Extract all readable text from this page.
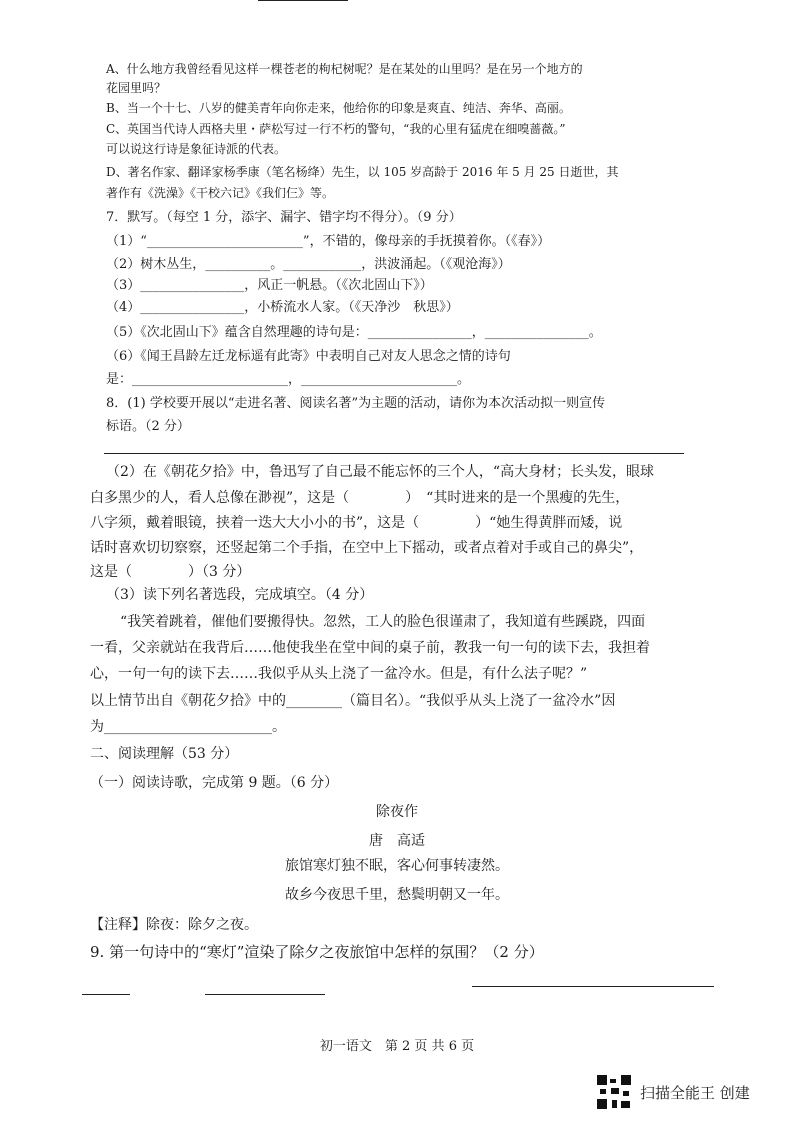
A、什么地方我曾经看见这样一棵苍老的枸杞树呢？是在某处的山里吗？是在另一个地方的
花园里吗？
B、当一个十七、八岁的健美青年向你走来，他给你的印象是爽直、纯洁、奔华、高丽。
C、英国当代诗人西格夫里・萨松写过一行不朽的警句，“我的心里有猛虎在细嗅蔷薇。”
可以说这行诗是象征诗派的代表。
D、著名作家、翻译家杨季康（笔名杨绛）先生，以 105 岁高龄于 2016 年 5 月 25 日逝世，其
著作有《洗澡》《干校六记》《我们仨》等。
7．默写。（每空 1 分，添字、漏字、错字均不得分）。（9 分）
（1）“________________________”，不错的，像母亲的手抚摸着你。（《春》）
（2）树木丛生，__________。____________，洪波涌起。（《观沧海》）
（3）________________，风正一帆悬。（《次北固山下》）
（4）________________，小桥流水人家。（《天净沙　秋思》）
（5）《次北固山下》蕴含自然理趣的诗句是：________________，________________。
（6）《闻王昌龄左迁龙标遥有此寄》中表明自己对友人思念之情的诗句
是：________________________，________________________。
8．(1) 学校要开展以“走进名著、阅读名著”为主题的活动，请你为本次活动拟一则宣传
标语。（2 分）
（2）在《朝花夕拾》中，鲁迅写了自己最不能忘怀的三个人，“高大身材；长头发，眼球
白多黑少的人，看人总像在渺视”，这是（　　　　）　“其时进来的是一个黑瘦的先生，
八字须，戴着眼镜，挟着一迭大大小小的书”，这是（　　　　）“她生得黄胖而矮，说
话时喜欢切切察察，还竖起第二个手指，在空中上下摇动，或者点着对手或自己的鼻尖”，
这是（　　　　）（3 分）
（3）读下列名著选段，完成填空。（4 分）
“我笑着跳着，催他们要搬得快。忽然，工人的脸色很谨肃了，我知道有些蹊跷，四面
一看，父亲就站在我背后……他使我坐在堂中间的桌子前，教我一句一句的读下去，我担着
心，一句一句的读下去……我似乎从头上浇了一盆冷水。但是，有什么法子呢？”
以上情节出自《朝花夕拾》中的________（篇目名）。“我似乎从头上浇了一盆冷水”因
为________________________。
二、阅读理解（53 分）
（一）阅读诗歌，完成第 9 题。（6 分）
除夜作
唐　高适
旅馆寒灯独不眠，客心何事转凄然。
故乡今夜思千里，愁鬓明朝又一年。
【注释】除夜：除夕之夜。
9. 第一句诗中的“寒灯”渲染了除夕之夜旅馆中怎样的氛围？（2 分）
初一语文　第 2 页 共 6 页
扫描全能王 创建
